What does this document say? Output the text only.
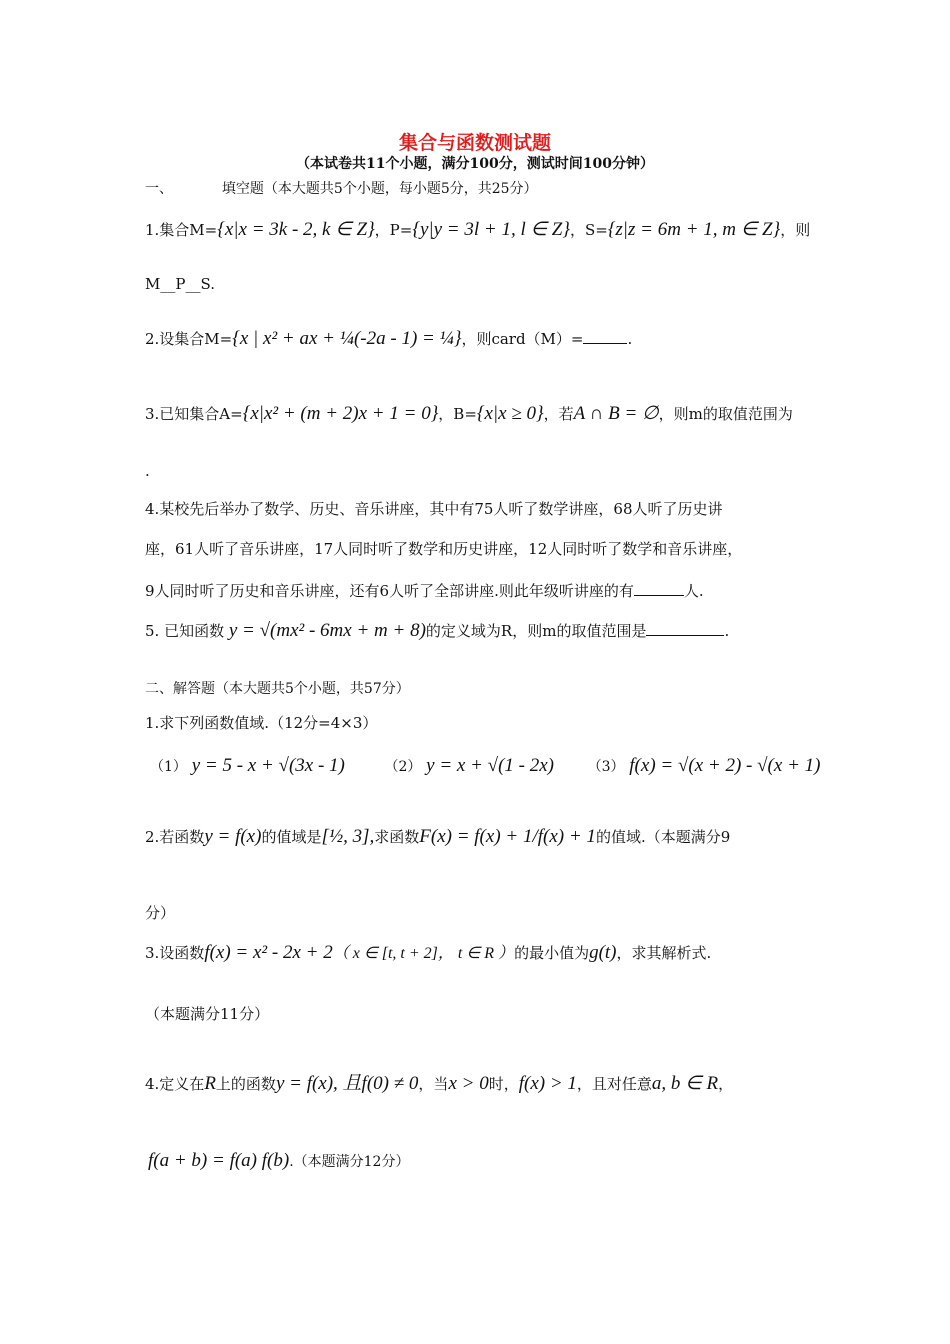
集合与函数测试题
（本试卷共11个小题，满分100分，测试时间100分钟）
一、	填空题（本大题共5个小题，每小题5分，共25分）
1.集合M={x|x = 3k - 2, k ∈ Z}，P={y|y = 3l + 1, l ∈ Z}，S={z|z = 6m + 1, m ∈ Z}，则
M__P__S.
2.设集合M={x | x² + ax + ¼(-2a - 1) = ¼}，则card（M）=	.
3.已知集合A={x|x² + (m + 2)x + 1 = 0}，B={x|x ≥ 0}，若A ∩ B = ∅，则m的取值范围为
.
4.某校先后举办了数学、历史、音乐讲座，其中有75人听了数学讲座，68人听了历史讲
座，61人听了音乐讲座，17人同时听了数学和历史讲座，12人同时听了数学和音乐讲座，
9人同时听了历史和音乐讲座，还有6人听了全部讲座.则此年级听讲座的有	人.
5. 已知函数 y = √(mx² - 6mx + m + 8)的定义域为R，则m的取值范围是	.
二、解答题（本大题共5个小题，共57分）
1.求下列函数值域.（12分=4×3）
（1） y = 5 - x + √(3x - 1)	（2） y = x + √(1 - 2x) （3） f(x) = √(x + 2) - √(x + 1)
2.若函数y = f(x)的值域是[½, 3],求函数F(x) = f(x) + 1/f(x) + 1的值域.（本题满分9
分）
3.设函数f(x) = x² - 2x + 2（ x ∈ [t, t + 2]， t ∈ R ）的最小值为g(t)，求其解析式.
（本题满分11分）
4.定义在R上的函数y = f(x), 且f(0) ≠ 0，当x > 0时，f(x) > 1，且对任意a, b ∈ R，
f(a + b) = f(a) f(b).（本题满分12分）
